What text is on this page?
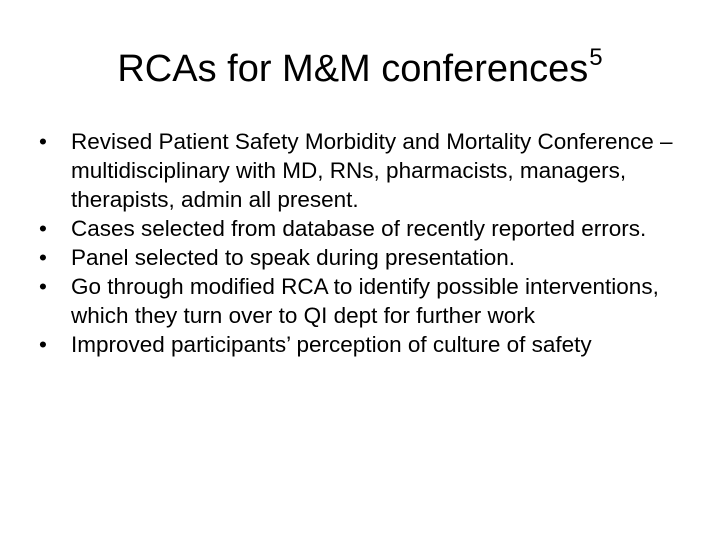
RCAs for M&M conferences$^5$
• Revised Patient Safety Morbidity and Mortality Conference – multidisciplinary with MD, RNs, pharmacists, managers, therapists, admin all present.
• Cases selected from database of recently reported errors.
• Panel selected to speak during presentation.
• Go through modified RCA to identify possible interventions, which they turn over to QI dept for further work
• Improved participants’ perception of culture of safety
